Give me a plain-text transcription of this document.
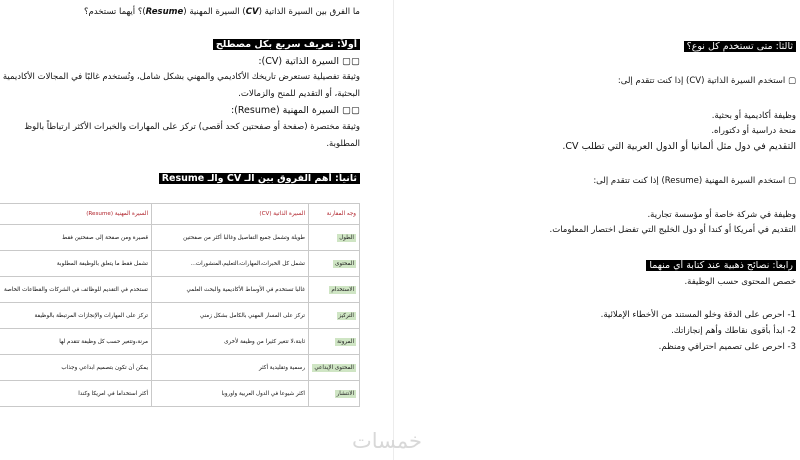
ما الفرق بين السيرة الذاتية (CV) السيرة المهنية (Resume)؟ أيهما تستخدم؟
أولاً: تعريف سريع بكل مصطلح
▢▢ السيرة الذاتية (CV):
وثيقة تفصيلية تستعرض تاريخك الأكاديمي والمهني بشكل شامل، وتُستخدم غالبًا في المجالات الأكاديمية
البحثية، أو التقديم للمنح والزمالات.
▢▢ السيرة المهنية (Resume):
وثيقة مختصرة (صفحة أو صفحتين كحد أقصى) تركز على المهارات والخبرات الأكثر ارتباطاً بالوظ
المطلوبة.
ثانياً: أهم الفروق بين الـ CV والـ Resume
وجه المقارنة	السيرة الذاتية (CV)	السيرة المهنية (Resume)
الطول	طويلة وتشمل جميع التفاصيل وغالبا أكثر من صفحتين	قصيرة ومن صفحة إلى صفحتين فقط
المحتوى	تشمل كل الخبرات،المهارات،التعليم،المنشورات...	تشمل فقط ما يتعلق بالوظيفة المطلوبة
الاستخدام	غالبا تستخدم في الأوساط الأكاديمية والبحث العلمي	تستخدم في التقديم للوظائف في الشركات والقطاعات الخاصة
التركيز	تركز على المسار المهني بالكامل بشكل زمني	تركز على المهارات والإنجازات المرتبطة بالوظيفة
المرونة	ثابتة،لا تتغير كثيرا من وظيفة لأخرى	مرنة،وتتغير حسب كل وظيفة تتقدم لها
المحتوى الإبداعي	رسمية وتقليدية أكثر	يمكن أن تكون بتصميم ابداعي وجذاب
الانتشار	اكثر شيوعا في الدول العربية واوروبا	أكثر استخداما في امريكا وكندا
ثالثاً: متى تستخدم كل نوع؟
▢ استخدم السيرة الذاتية (CV) إذا كنت تتقدم إلى:
وظيفة أكاديمية أو بحثية.
منحة دراسية أو دكتوراه.
التقديم في دول مثل ألمانيا أو الدول العربية التي تطلب CV.
▢ استخدم السيرة المهنية (Resume) إذا كنت تتقدم إلى:
وظيفة في شركة خاصة أو مؤسسة تجارية.
التقديم في أمريكا أو كندا أو دول الخليج التي تفضل اختصار المعلومات.
رابعاً: نصائح ذهبية عند كتابة أي منهما
خصص المحتوى حسب الوظيفة.
1- احرص على الدقة وخلو المستند من الأخطاء الإملائية.
2- ابدأ بأقوى نقاطك وأهم إنجازاتك.
3- احرص على تصميم احترافي ومنظم.
خمسات
